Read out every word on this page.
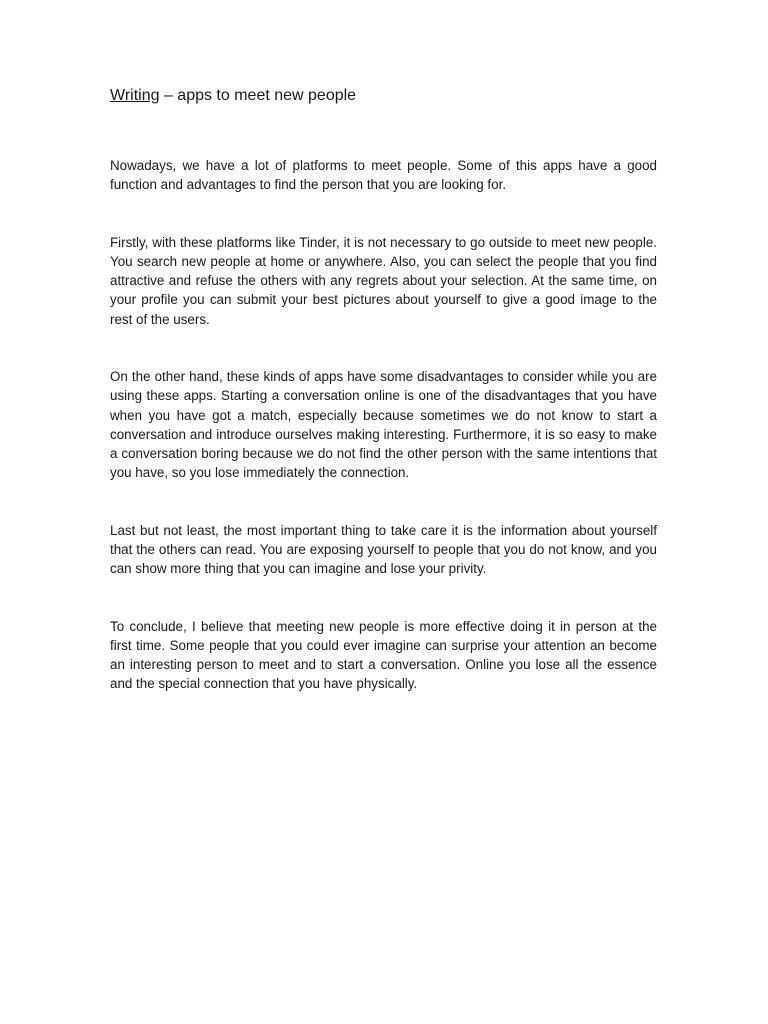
Writing – apps to meet new people

Nowadays, we have a lot of platforms to meet people. Some of this apps have a good function and advantages to find the person that you are looking for.

Firstly, with these platforms like Tinder, it is not necessary to go outside to meet new people. You search new people at home or anywhere. Also, you can select the people that you find attractive and refuse the others with any regrets about your selection. At the same time, on your profile you can submit your best pictures about yourself to give a good image to the rest of the users.

On the other hand, these kinds of apps have some disadvantages to consider while you are using these apps. Starting a conversation online is one of the disadvantages that you have when you have got a match, especially because sometimes we do not know to start a conversation and introduce ourselves making interesting. Furthermore, it is so easy to make a conversation boring because we do not find the other person with the same intentions that you have, so you lose immediately the connection.

Last but not least, the most important thing to take care it is the information about yourself that the others can read. You are exposing yourself to people that you do not know, and you can show more thing that you can imagine and lose your privity.

To conclude, I believe that meeting new people is more effective doing it in person at the first time. Some people that you could ever imagine can surprise your attention an become an interesting person to meet and to start a conversation. Online you lose all the essence and the special connection that you have physically.
